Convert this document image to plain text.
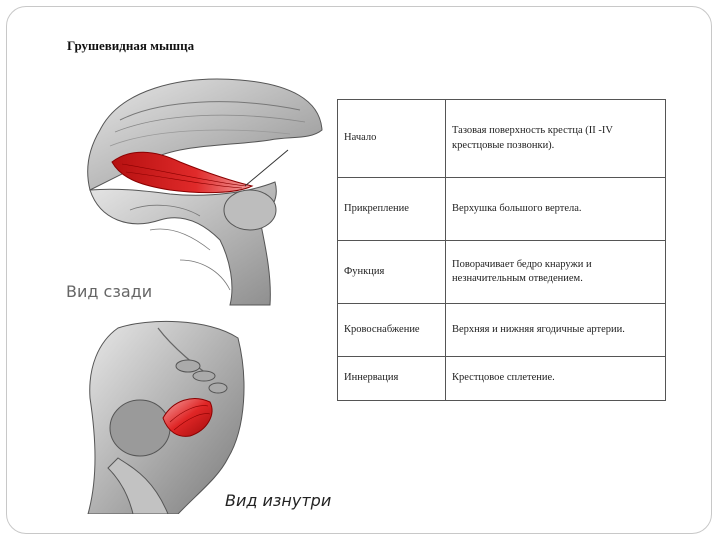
Грушевидная мышца
Вид сзади
Вид изнутри
Начало	Тазовая поверхность крестца (II -IV крестцовые позвонки).
Прикрепление	Верхушка большого вертела.
Функция	Поворачивает бедро кнаружи и незначительным отведением.
Кровоснабжение	Верхняя и нижняя ягодичные артерии.
Иннервация	Крестцовое сплетение.
